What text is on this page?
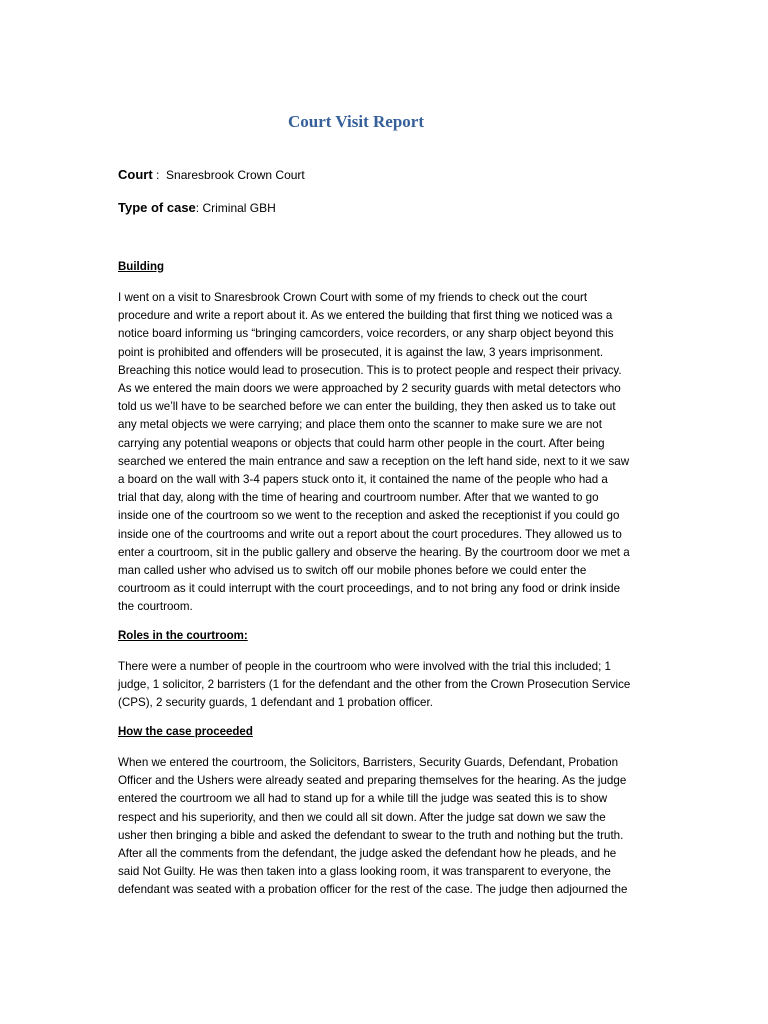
Court Visit Report
Court :  Snaresbrook Crown Court
Type of case: Criminal GBH
Building
I went on a visit to Snaresbrook Crown Court with some of my friends to check out the court
procedure and write a report about it. As we entered the building that first thing we noticed was a
notice board informing us “bringing camcorders, voice recorders, or any sharp object beyond this
point is prohibited and offenders will be prosecuted, it is against the law, 3 years imprisonment.
Breaching this notice would lead to prosecution. This is to protect people and respect their privacy.
As we entered the main doors we were approached by 2 security guards with metal detectors who
told us we’ll have to be searched before we can enter the building, they then asked us to take out
any metal objects we were carrying; and place them onto the scanner to make sure we are not
carrying any potential weapons or objects that could harm other people in the court. After being
searched we entered the main entrance and saw a reception on the left hand side, next to it we saw
a board on the wall with 3-4 papers stuck onto it, it contained the name of the people who had a
trial that day, along with the time of hearing and courtroom number. After that we wanted to go
inside one of the courtroom so we went to the reception and asked the receptionist if you could go
inside one of the courtrooms and write out a report about the court procedures. They allowed us to
enter a courtroom, sit in the public gallery and observe the hearing. By the courtroom door we met a
man called usher who advised us to switch off our mobile phones before we could enter the
courtroom as it could interrupt with the court proceedings, and to not bring any food or drink inside
the courtroom.
Roles in the courtroom:
There were a number of people in the courtroom who were involved with the trial this included; 1
judge, 1 solicitor, 2 barristers (1 for the defendant and the other from the Crown Prosecution Service
(CPS), 2 security guards, 1 defendant and 1 probation officer.
How the case proceeded
When we entered the courtroom, the Solicitors, Barristers, Security Guards, Defendant, Probation
Officer and the Ushers were already seated and preparing themselves for the hearing. As the judge
entered the courtroom we all had to stand up for a while till the judge was seated this is to show
respect and his superiority, and then we could all sit down. After the judge sat down we saw the
usher then bringing a bible and asked the defendant to swear to the truth and nothing but the truth.
After all the comments from the defendant, the judge asked the defendant how he pleads, and he
said Not Guilty. He was then taken into a glass looking room, it was transparent to everyone, the
defendant was seated with a probation officer for the rest of the case. The judge then adjourned the
